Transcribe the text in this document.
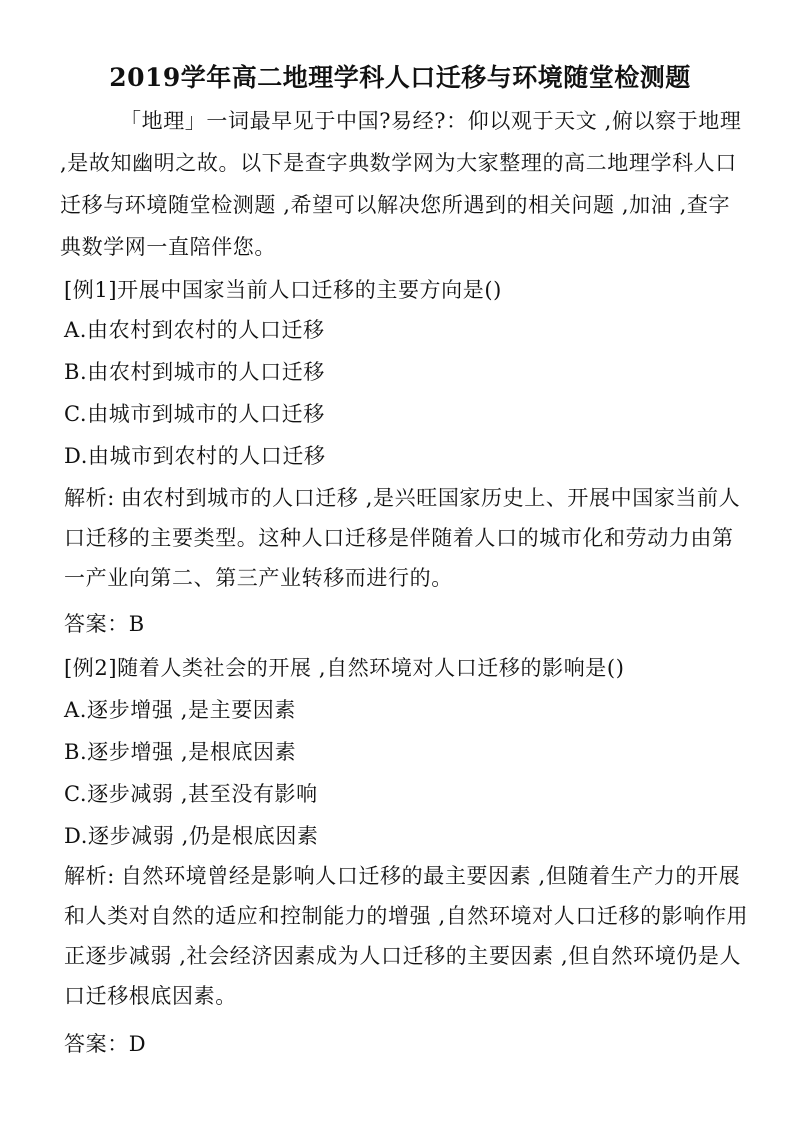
2019学年高二地理学科人口迁移与环境随堂检测题
「地理」一词最早见于中国?易经?：仰以观于天文 ,俯以察于地理 ,是故知幽明之故。以下是查字典数学网为大家整理的高二地理学科人口迁移与环境随堂检测题 ,希望可以解决您所遇到的相关问题 ,加油 ,查字典数学网一直陪伴您。
[例1]开展中国家当前人口迁移的主要方向是()
A.由农村到农村的人口迁移
B.由农村到城市的人口迁移
C.由城市到城市的人口迁移
D.由城市到农村的人口迁移
解析: 由农村到城市的人口迁移 ,是兴旺国家历史上、开展中国家当前人口迁移的主要类型。这种人口迁移是伴随着人口的城市化和劳动力由第一产业向第二、第三产业转移而进行的。
答案：B
[例2]随着人类社会的开展 ,自然环境对人口迁移的影响是()
A.逐步增强 ,是主要因素
B.逐步增强 ,是根底因素
C.逐步减弱 ,甚至没有影响
D.逐步减弱 ,仍是根底因素
解析: 自然环境曾经是影响人口迁移的最主要因素 ,但随着生产力的开展和人类对自然的适应和控制能力的增强 ,自然环境对人口迁移的影响作用正逐步减弱 ,社会经济因素成为人口迁移的主要因素 ,但自然环境仍是人口迁移根底因素。
答案：D
